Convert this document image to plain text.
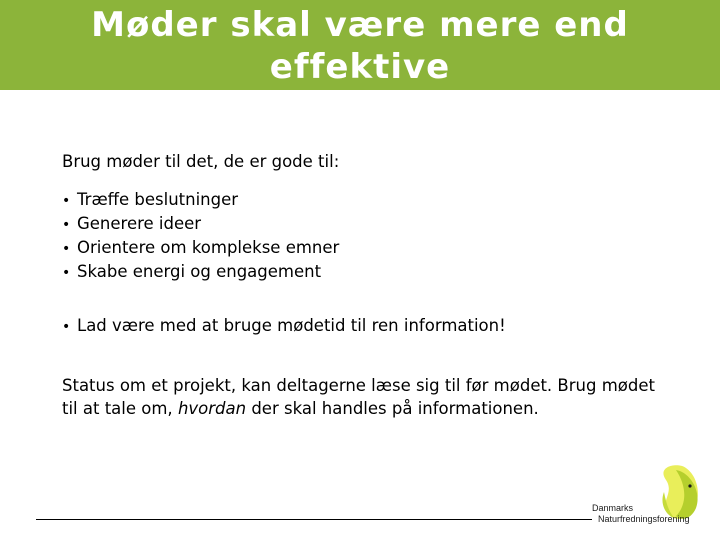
Møder skal være mere end effektive

Brug møder til det, de er gode til:

• Træffe beslutninger
• Generere ideer
• Orientere om komplekse emner
• Skabe energi og engagement

• Lad være med at bruge mødetid til ren information!

Status om et projekt, kan deltagerne læse sig til før mødet. Brug mødet til at tale om, hvordan der skal handles på informationen.

Danmarks
Naturfredningsforening
